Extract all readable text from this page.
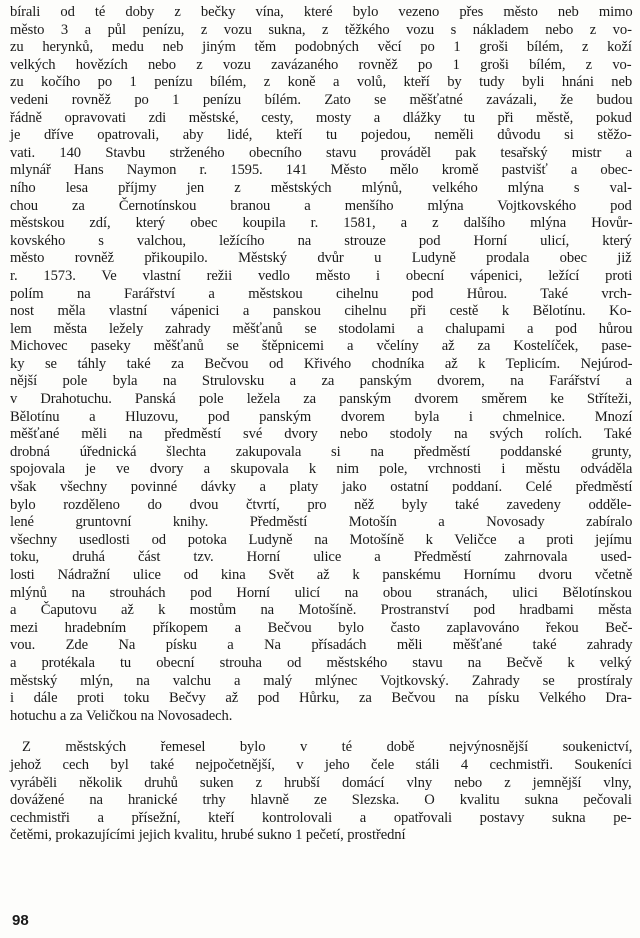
bírali od té doby z bečky vína, které bylo vezeno přes město neb mimo
město 3 a půl penízu, z vozu sukna, z těžkého vozu s nákladem nebo z vo-
zu herynků, medu neb jiným těm podobných věcí po 1 groši bílém, z koží
velkých hovězích nebo z vozu zavázaného rovněž po 1 groši bílém, z vo-
zu kočího po 1 penízu bílém, z koně a volů, kteří by tudy byli hnáni neb
vedeni rovněž po 1 penízu bílém. Zato se měšťatné zavázali, že budou
řádně opravovati zdi městské, cesty, mosty a dlážky tu při městě, pokud
je dříve opatrovali, aby lidé, kteří tu pojedou, neměli důvodu si stěžo-
vati. 140 Stavbu strženého obecního stavu prováděl pak tesařský mistr a
mlynář Hans Naymon r. 1595. 141 Město mělo kromě pastvišť a obec-
ního lesa příjmy jen z městských mlýnů, velkého mlýna s val-
chou za Černotínskou branou a menšího mlýna Vojtkovského pod
městskou zdí, který obec koupila r. 1581, a z dalšího mlýna Hovůr-
kovského s valchou, ležícího na strouze pod Horní ulicí, který
město rovněž přikoupilo. Městský dvůr u Ludyně prodala obec již
r. 1573. Ve vlastní režii vedlo město i obecní vápenici, ležící proti
polím na Farářství a městskou cihelnu pod Hůrou. Také vrch-
nost měla vlastní vápenici a panskou cihelnu při cestě k Bělotínu. Ko-
lem města ležely zahrady měšťanů se stodolami a chalupami a pod hůrou
Michovec paseky měšťanů se štěpnicemi a včelíny až za Kostelíček, pase-
ky se táhly také za Bečvou od Křivého chodníka až k Teplicím. Nejúrod-
nější pole byla na Strulovsku a za panským dvorem, na Farářství a
v Drahotuchu. Panská pole ležela za panským dvorem směrem ke Stříteži,
Bělotínu a Hluzovu, pod panským dvorem byla i chmelnice. Mnozí
měšťané měli na předměstí své dvory nebo stodoly na svých rolích. Také
drobná úřednická šlechta zakupovala si na předměstí poddanské grunty,
spojovala je ve dvory a skupovala k nim pole, vrchnosti i městu odváděla
však všechny povinné dávky a platy jako ostatní poddaní. Celé předměstí
bylo rozděleno do dvou čtvrtí, pro něž byly také zavedeny odděle-
lené gruntovní knihy. Předměstí Motošín a Novosady zabíralo
všechny usedlosti od potoka Ludyně na Motošíně k Veličce a proti jejímu
toku, druhá část tzv. Horní ulice a Předměstí zahrnovala used-
losti Nádražní ulice od kina Svět až k panskému Hornímu dvoru včetně
mlýnů na strouhách pod Horní ulicí na obou stranách, ulici Bělotínskou
a Čaputovu až k mostům na Motošíně. Prostranství pod hradbami města
mezi hradebním příkopem a Bečvou bylo často zaplavováno řekou Beč-
vou. Zde Na písku a Na přísadách měli měšťané také zahrady
a protékala tu obecní strouha od městského stavu na Bečvě k velký
městský mlýn, na valchu a malý mlýnec Vojtkovský. Zahrady se prostíraly
i dále proti toku Bečvy až pod Hůrku, za Bečvou na písku Velkého Dra-
hotuchu a za Veličkou na Novosadech.
Z městských řemesel bylo v té době nejvýnosnější soukenictví,
jehož cech byl také nejpočetnější, v jeho čele stáli 4 cechmistři. Soukeníci
vyráběli několik druhů suken z hrubší domácí vlny nebo z jemnější vlny,
dovážené na hranické trhy hlavně ze Slezska. O kvalitu sukna pečovali
cechmistři a přísežní, kteří kontrolovali a opatřovali postavy sukna pe-
četěmi, prokazujícími jejich kvalitu, hrubé sukno 1 pečetí, prostřední
98
